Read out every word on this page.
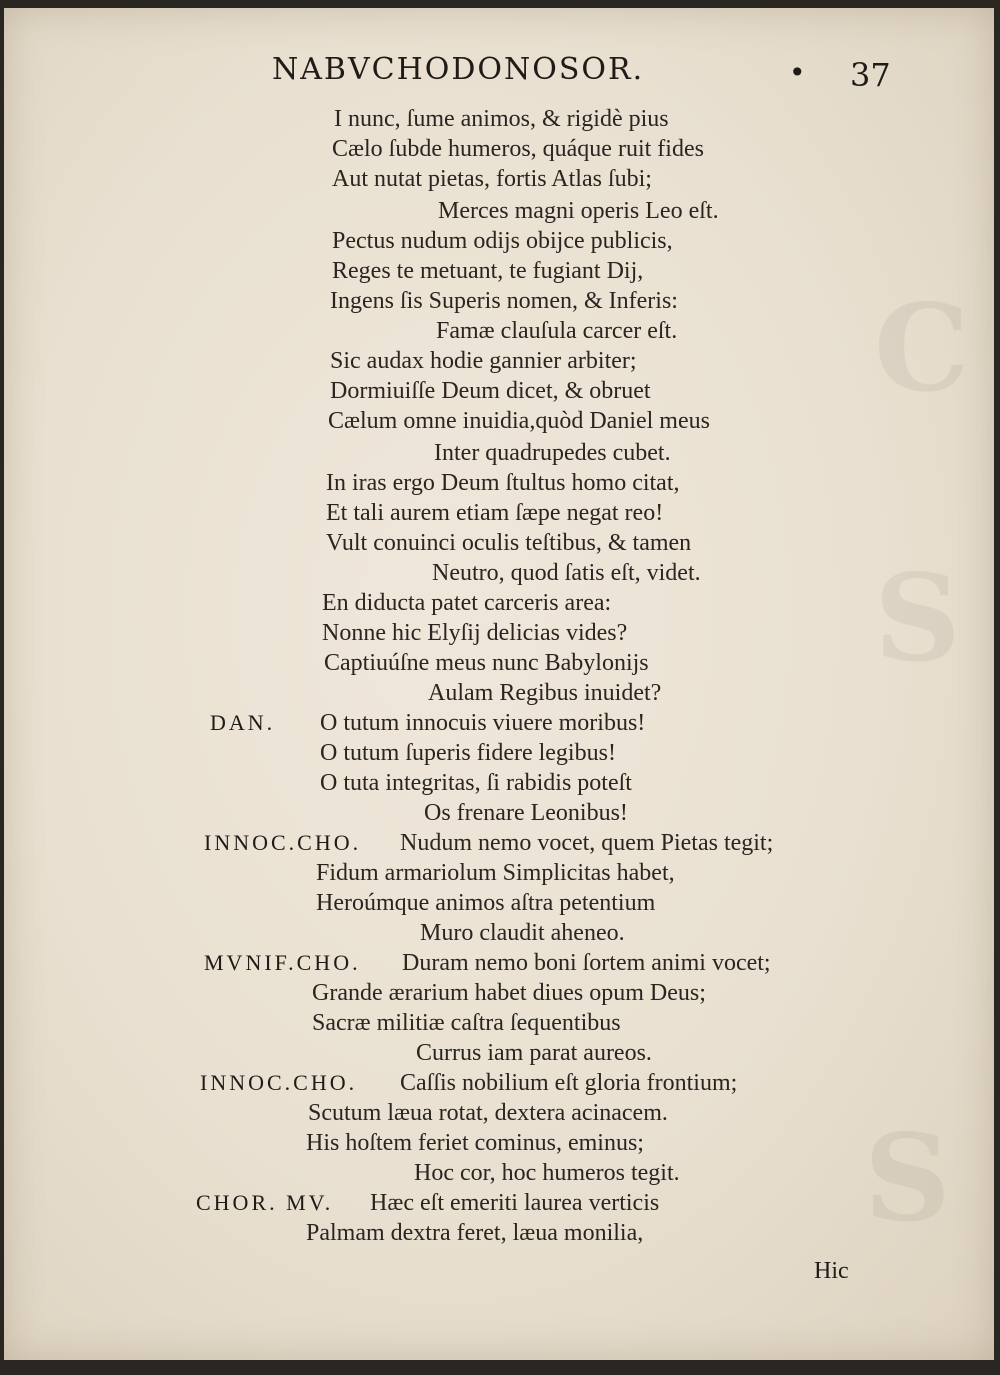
C
S
S
NABVCHODONOSOR.	• 37
I nunc, ſume animos, & rigidè pius
Cælo ſubde humeros, quáque ruit fides
Aut nutat pietas, fortis Atlas ſubi;
Merces magni operis Leo eſt.
Pectus nudum odijs obijce publicis,
Reges te metuant, te fugiant Dij,
Ingens ſis Superis nomen, & Inferis:
Famæ clauſula carcer eſt.
Sic audax hodie gannier arbiter;
Dormiuiſſe Deum dicet, & obruet
Cælum omne inuidia,quòd Daniel meus
Inter quadrupedes cubet.
In iras ergo Deum ſtultus homo citat,
Et tali aurem etiam ſæpe negat reo!
Vult conuinci oculis teſtibus, & tamen
Neutro, quod ſatis eſt, videt.
En diducta patet carceris area:
Nonne hic Elyſij delicias vides?
Captiuúſne meus nunc Babylonijs
Aulam Regibus inuidet?
DAN. O tutum innocuis viuere moribus!
O tutum ſuperis fidere legibus!
O tuta integritas, ſi rabidis poteſt
Os frenare Leonibus!
INNOC.CHO. Nudum nemo vocet, quem Pietas tegit;
Fidum armariolum Simplicitas habet,
Heroúmque animos aſtra petentium
Muro claudit aheneo.
MVNIF.CHO. Duram nemo boni ſortem animi vocet;
Grande ærarium habet diues opum Deus;
Sacræ militiæ caſtra ſequentibus
Currus iam parat aureos.
INNOC.CHO. Caſſis nobilium eſt gloria frontium;
Scutum læua rotat, dextera acinacem.
His hoſtem feriet cominus, eminus;
Hoc cor, hoc humeros tegit.
CHOR. MV. Hæc eſt emeriti laurea verticis
Palmam dextra feret, læua monilia,
Hic
